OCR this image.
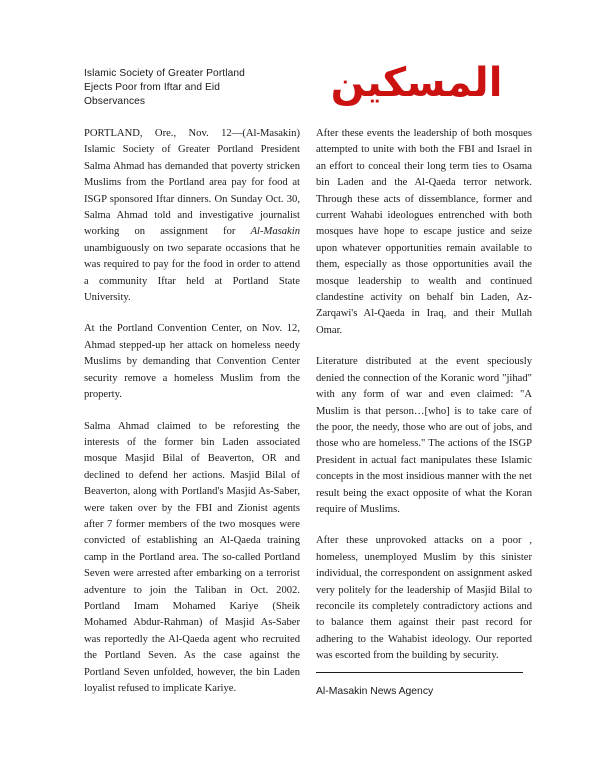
Islamic Society of Greater Portland
Ejects Poor from Iftar and Eid
Observances	المسكين

PORTLAND, Ore., Nov. 12—(Al-Masakin) Islamic Society of Greater Portland President Salma Ahmad has demanded that poverty stricken Muslims from the Portland area pay for food at ISGP sponsored Iftar dinners. On Sunday Oct. 30, Salma Ahmad told and investigative journalist working on assignment for Al-Masakin unambiguously on two separate occasions that he was required to pay for the food in order to attend a community Iftar held at Portland State University.

At the Portland Convention Center, on Nov. 12, Ahmad stepped-up her attack on homeless needy Muslims by demanding that Convention Center security remove a homeless Muslim from the property.

Salma Ahmad claimed to be reforesting the interests of the former bin Laden associated mosque Masjid Bilal of Beaverton, OR and declined to defend her actions. Masjid Bilal of Beaverton, along with Portland's Masjid As-Saber, were taken over by the FBI and Zionist agents after 7 former members of the two mosques were convicted of establishing an Al-Qaeda training camp in the Portland area. The so-called Portland Seven were arrested after embarking on a terrorist adventure to join the Taliban in Oct. 2002. Portland Imam Mohamed Kariye (Sheik Mohamed Abdur-Rahman) of Masjid As-Saber was reportedly the Al-Qaeda agent who recruited the Portland Seven. As the case against the Portland Seven unfolded, however, the bin Laden loyalist refused to implicate Kariye.

After these events the leadership of both mosques attempted to unite with both the FBI and Israel in an effort to conceal their long term ties to Osama bin Laden and the Al-Qaeda terror network. Through these acts of dissemblance, former and current Wahabi ideologues entrenched with both mosques have hope to escape justice and seize upon whatever opportunities remain available to them, especially as those opportunities avail the mosque leadership to wealth and continued clandestine activity on behalf bin Laden, Az-Zarqawi's Al-Qaeda in Iraq, and their Mullah Omar.

Literature distributed at the event speciously denied the connection of the Koranic word "jihad" with any form of war and even claimed: "A Muslim is that person…[who] is to take care of the poor, the needy, those who are out of jobs, and those who are homeless." The actions of the ISGP President in actual fact manipulates these Islamic concepts in the most insidious manner with the net result being the exact opposite of what the Koran require of Muslims.

After these unprovoked attacks on a poor , homeless, unemployed Muslim by this sinister individual, the correspondent on assignment asked very politely for the leadership of Masjid Bilal to reconcile its completely contradictory actions and to balance them against their past record for adhering to the Wahabist ideology. Our reported was escorted from the building by security.

Al-Masakin News Agency
